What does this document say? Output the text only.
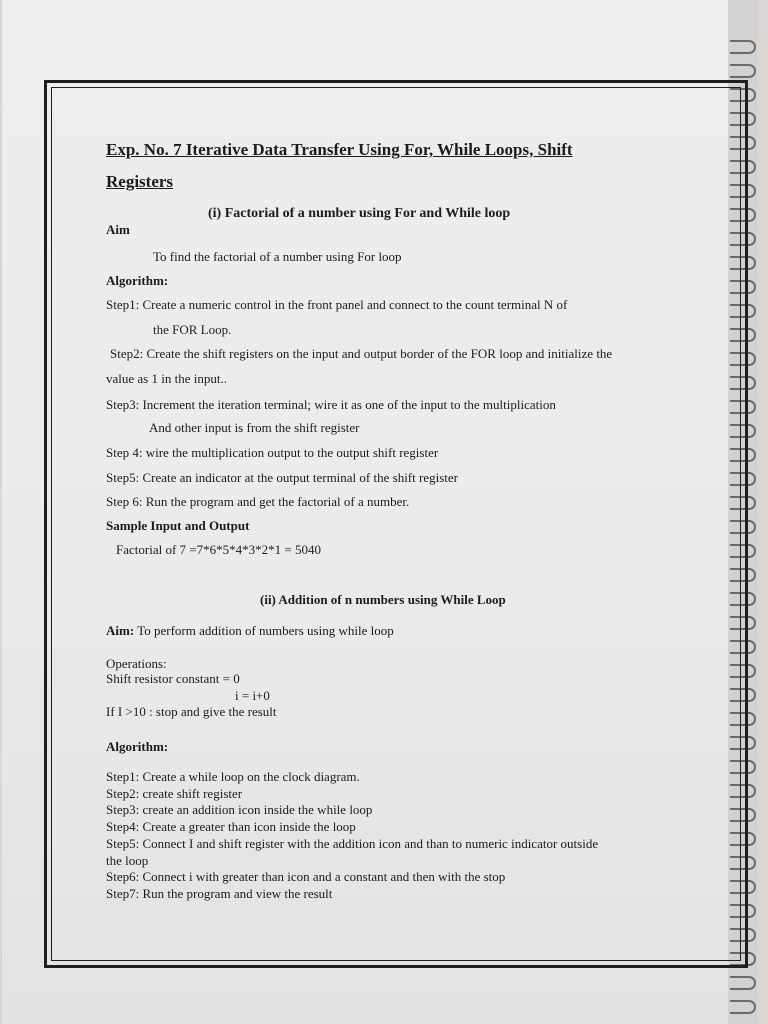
Exp. No. 7 Iterative Data Transfer Using For, While Loops, Shift
Registers
(i) Factorial of a number using For and While loop
Aim
To find the factorial of a number using For loop
Algorithm:
Step1: Create a numeric control in the front panel and connect to the count terminal N of
the FOR Loop.
Step2: Create the shift registers on the input and output border of the FOR loop and initialize the
value as 1 in the input..
Step3: Increment the iteration terminal; wire it as one of the input to the multiplication
And other input is from the shift register
Step 4: wire the multiplication output to the output shift register
Step5: Create an indicator at the output terminal of the shift register
Step 6: Run the program and get the factorial of a number.
Sample Input and Output
Factorial of 7 =7*6*5*4*3*2*1 = 5040
(ii) Addition of n numbers using While Loop
Aim: To perform addition of numbers using while loop
Operations:
Shift resistor constant = 0
i = i+0
If I >10 : stop and give the result
Algorithm:
Step1: Create a while loop on the clock diagram.
Step2: create shift register
Step3: create an addition icon inside the while loop
Step4: Create a greater than icon inside the loop
Step5: Connect I and shift register with the addition icon and than to numeric indicator outside
the loop
Step6: Connect i with greater than icon and a constant and then with the stop
Step7: Run the program and view the result
